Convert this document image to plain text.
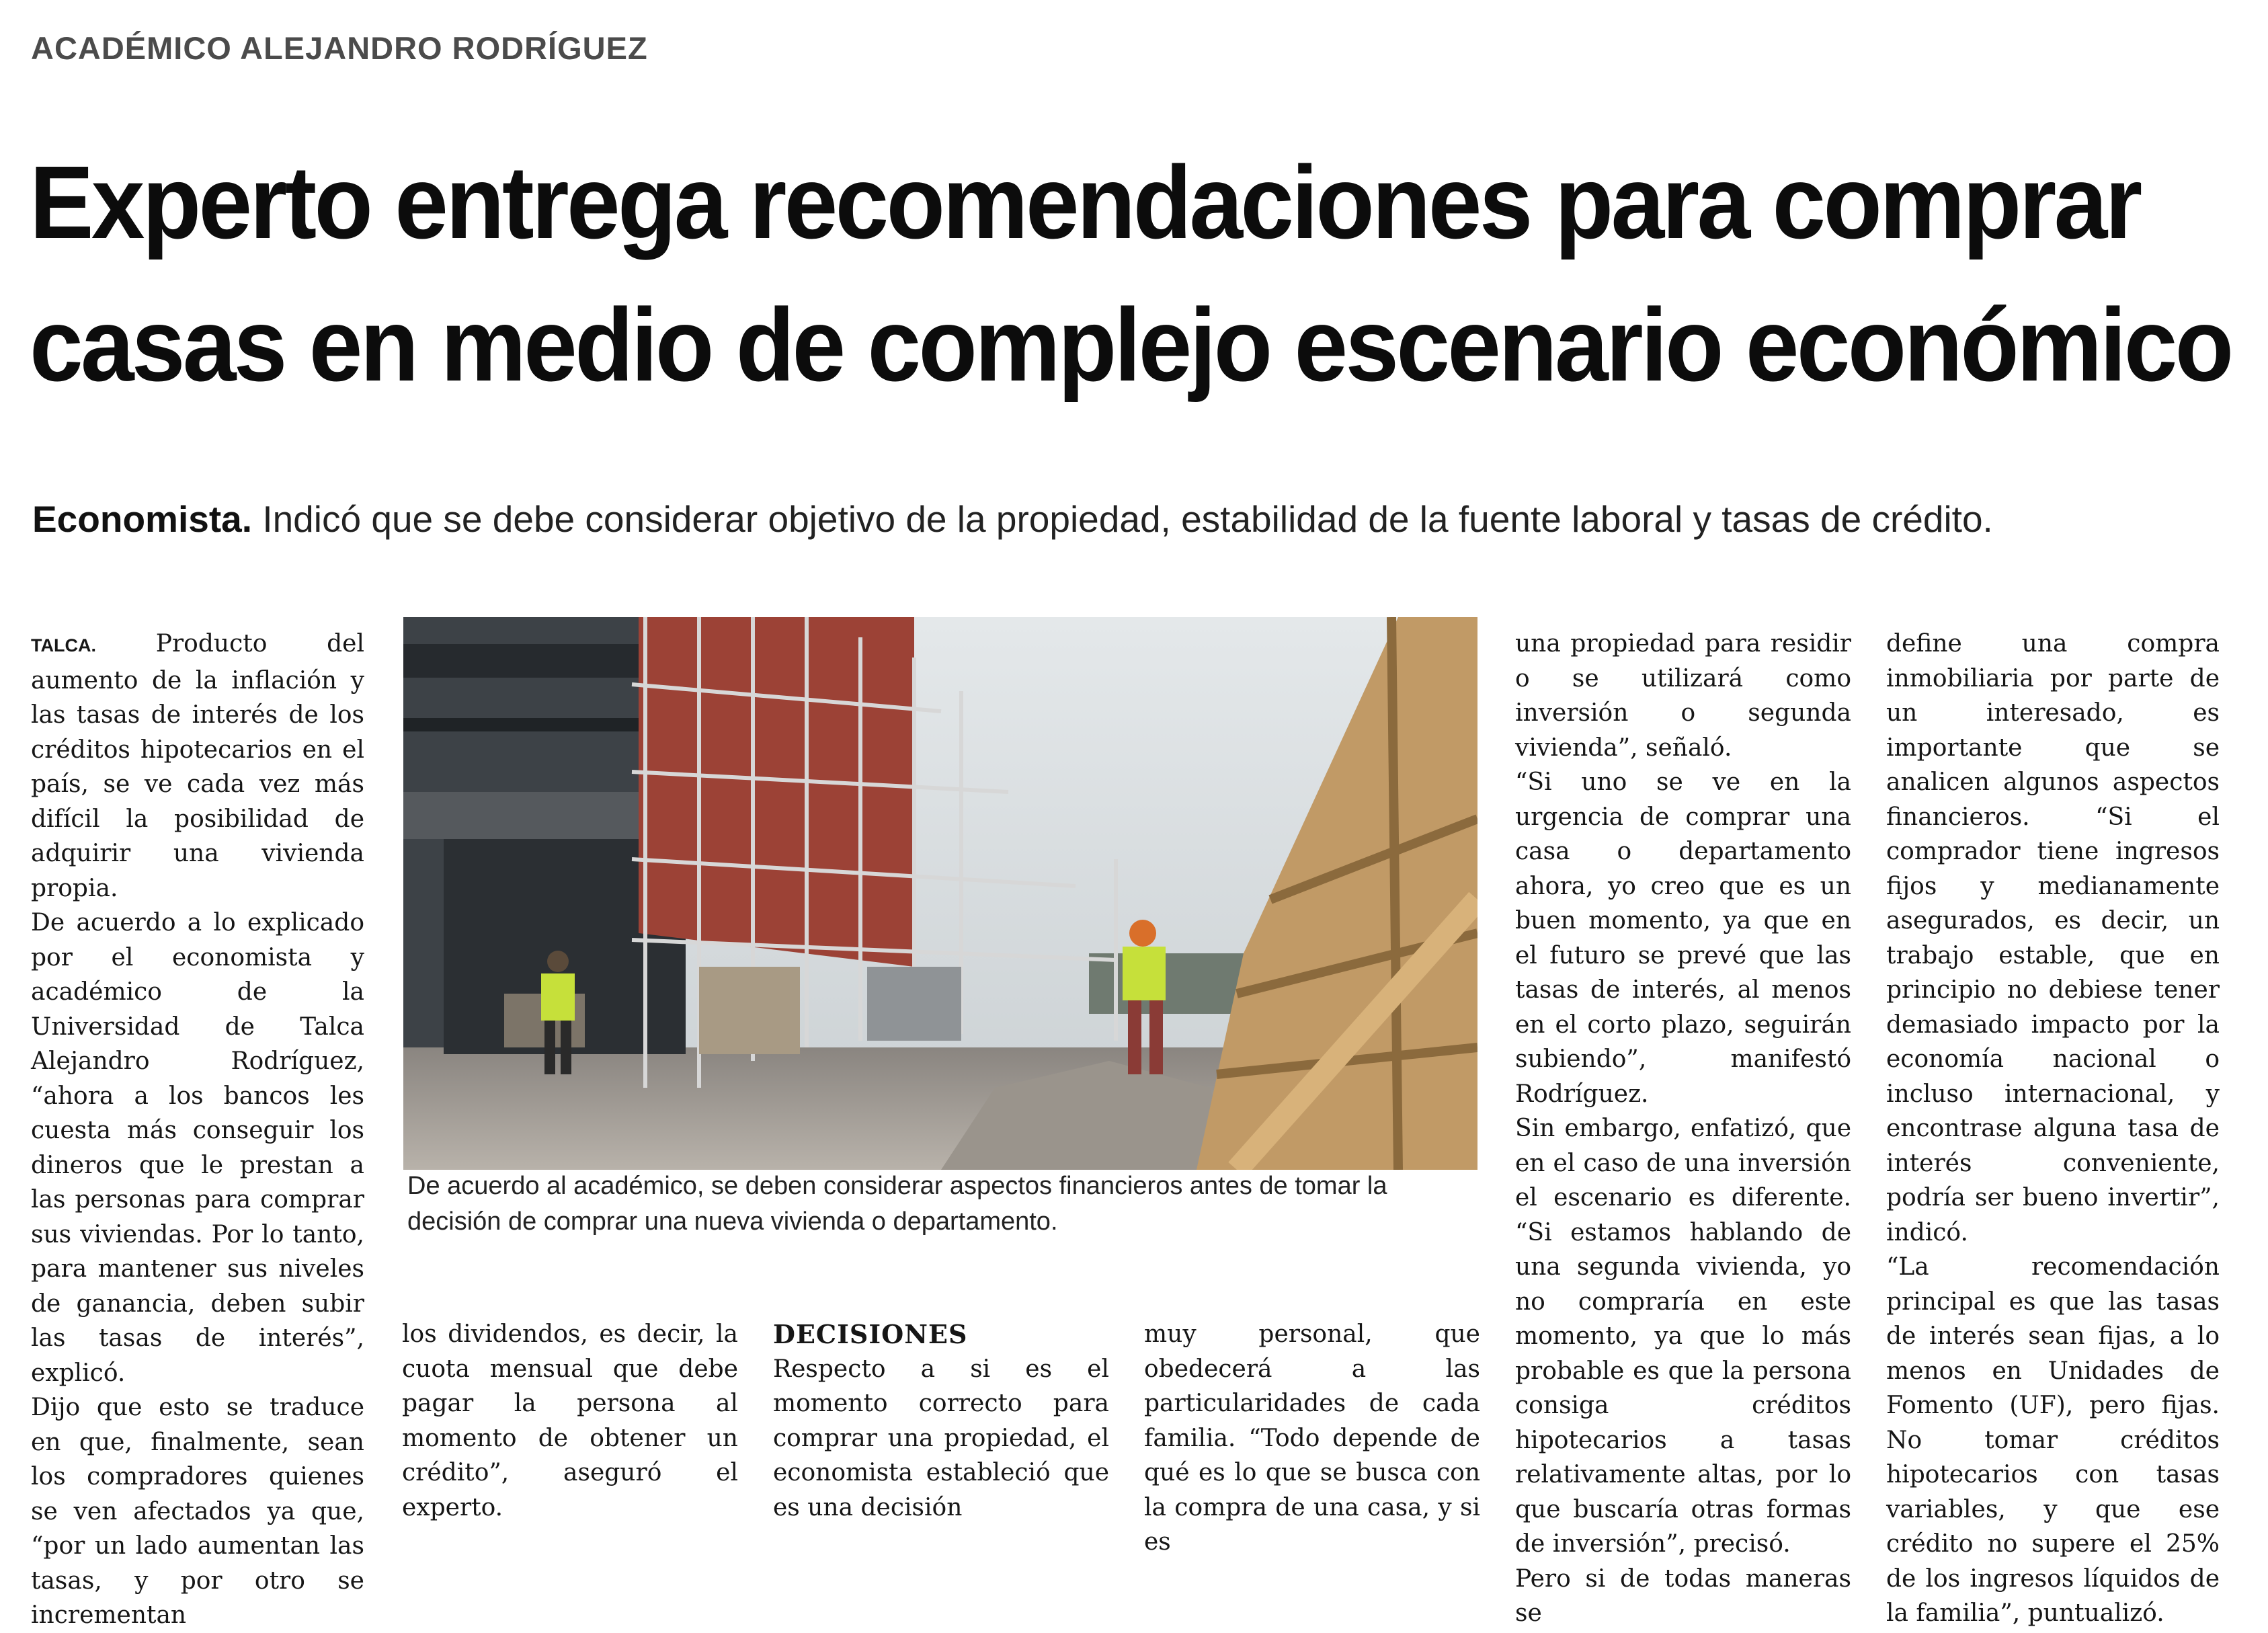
ACADÉMICO ALEJANDRO RODRÍGUEZ
Experto entrega recomendaciones para comprar
casas en medio de complejo escenario económico
Economista. Indicó que se debe considerar objetivo de la propiedad, estabilidad de la fuente laboral y tasas de crédito.

TALCA. Producto del aumento de la inflación y las tasas de interés de los créditos hipotecarios en el país, se ve cada vez más difícil la posibilidad de adquirir una vivienda propia.

De acuerdo a lo explicado por el economista y académico de la Universidad de Talca Alejandro Rodríguez, “ahora a los bancos les cuesta más conseguir los dineros que le prestan a las personas para comprar sus viviendas. Por lo tanto, para mantener sus niveles de ganancia, deben subir las tasas de interés”, explicó.

Dijo que esto se traduce en que, finalmente, sean los compradores quienes se ven afectados ya que, “por un lado aumentan las tasas, y por otro se incrementan

De acuerdo al académico, se deben considerar aspectos financieros antes de tomar la decisión de comprar una nueva vivienda o departamento.

los dividendos, es decir, la cuota mensual que debe pagar la persona al momento de obtener un crédito”, aseguró el experto.

DECISIONES

Respecto a si es el momento correcto para comprar una propiedad, el economista estableció que es una decisión

muy personal, que obedecerá a las particularidades de cada familia. “Todo depende de qué es lo que se busca con la compra de una casa, y si es

una propiedad para residir o se utilizará como inversión o segunda vivienda”, señaló.

“Si uno se ve en la urgencia de comprar una casa o departamento ahora, yo creo que es un buen momento, ya que en el futuro se prevé que las tasas de interés, al menos en el corto plazo, seguirán subiendo”, manifestó Rodríguez.

Sin embargo, enfatizó, que en el caso de una inversión el escenario es diferente. “Si estamos hablando de una segunda vivienda, yo no compraría en este momento, ya que lo más probable es que la persona consiga créditos hipotecarios a tasas relativamente altas, por lo que buscaría otras formas de inversión”, precisó.

Pero si de todas maneras se

define una compra inmobiliaria por parte de un interesado, es importante que se analicen algunos aspectos financieros. “Si el comprador tiene ingresos fijos y medianamente asegurados, es decir, un trabajo estable, que en principio no debiese tener demasiado impacto por la economía nacional o incluso internacional, y encontrase alguna tasa de interés conveniente, podría ser bueno invertir”, indicó.

“La recomendación principal es que las tasas de interés sean fijas, a lo menos en Unidades de Fomento (UF), pero fijas. No tomar créditos hipotecarios con tasas variables, y que ese crédito no supere el 25% de los ingresos líquidos de la familia”, puntualizó.
